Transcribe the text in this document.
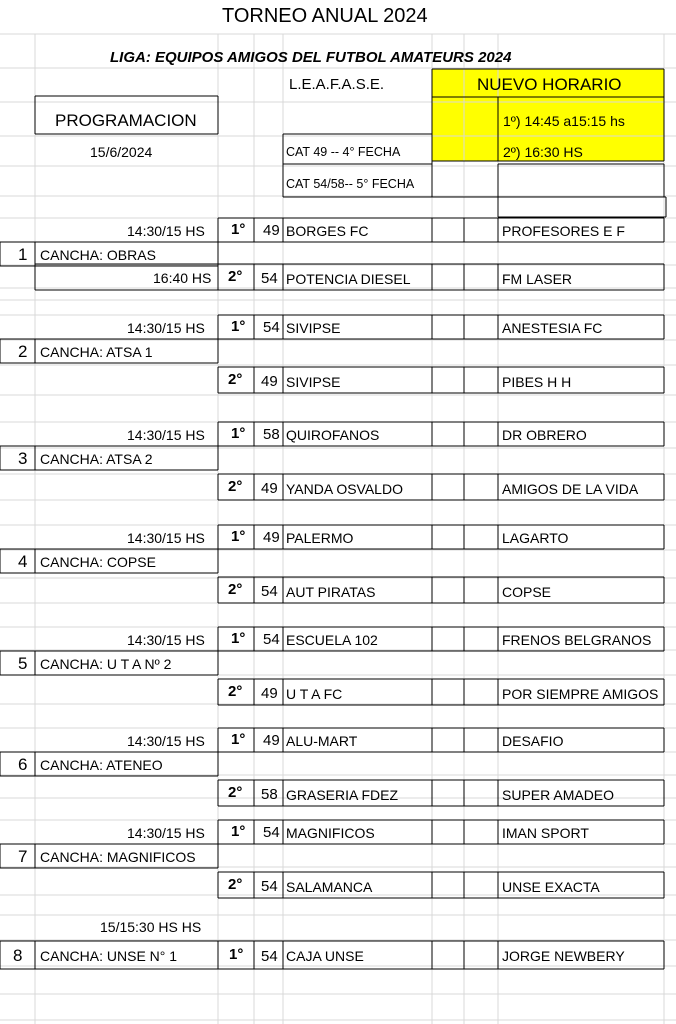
TORNEO ANUAL 2024
LIGA: EQUIPOS AMIGOS DEL FUTBOL AMATEURS 2024
L.E.A.F.A.S.E.	NUEVO HORARIO
PROGRAMACION
15/6/2024	CAT 49 -- 4° FECHA
CAT 54/58-- 5° FECHA
1º) 14:45 a15:15 hs
2º) 16:30 HS
14:30/15 HS 1° 49 BORGES FC	PROFESORES E F
1 CANCHA: OBRAS
16:40 HS 2° 54 POTENCIA DIESEL	FM LASER
14:30/15 HS 1° 54 SIVIPSE	ANESTESIA FC
2 CANCHA: ATSA 1
2° 49 SIVIPSE	PIBES H H
14:30/15 HS 1° 58 QUIROFANOS	DR OBRERO
3 CANCHA: ATSA 2
2° 49 YANDA OSVALDO	AMIGOS DE LA VIDA
14:30/15 HS 1° 49 PALERMO	LAGARTO
4 CANCHA: COPSE
2° 54 AUT PIRATAS	COPSE
14:30/15 HS 1° 54 ESCUELA 102	FRENOS BELGRANOS
5 CANCHA: U T A Nº 2
2° 49 U T A FC	POR SIEMPRE AMIGOS
14:30/15 HS 1° 49 ALU-MART	DESAFIO
6 CANCHA: ATENEO
2° 58 GRASERIA FDEZ	SUPER AMADEO
14:30/15 HS 1° 54 MAGNIFICOS	IMAN SPORT
7 CANCHA: MAGNIFICOS
2° 54 SALAMANCA	UNSE EXACTA
15/15:30 HS HS
8 CANCHA: UNSE N° 1	1° 54 CAJA UNSE	JORGE NEWBERY
